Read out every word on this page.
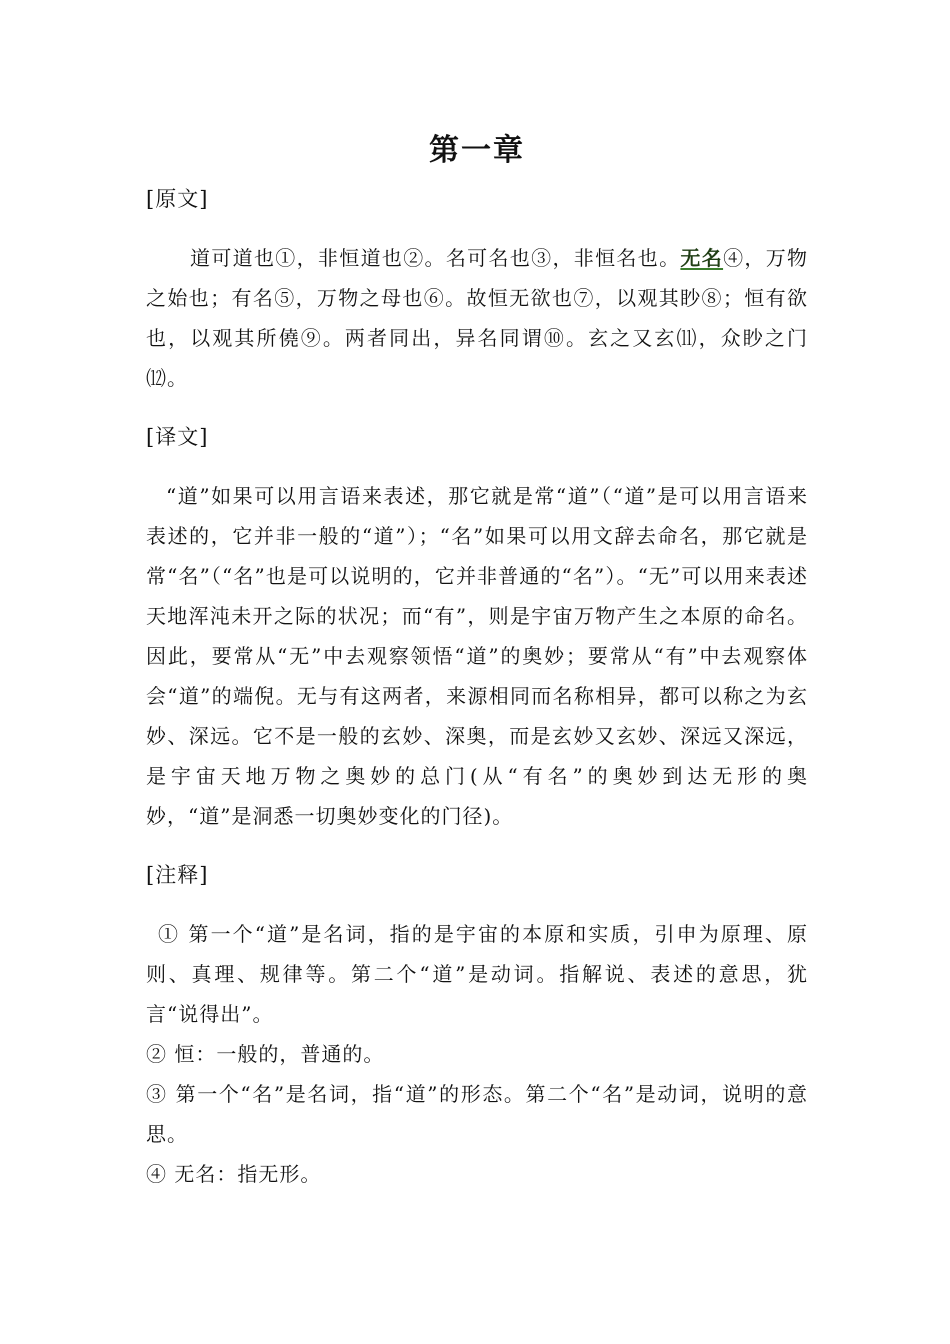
第一章
[原文]

道可道也①，非恒道也②。名可名也③，非恒名也。无名④，万物之始也；有名⑤，万物之母也⑥。故恒无欲也⑦，以观其眇⑧；恒有欲也，以观其所僥⑨。两者同出，异名同谓⑩。玄之又玄⑾，众眇之门⑿。

[译文]

“道”如果可以用言语来表述，那它就是常“道”（“道”是可以用言语来表述的，它并非一般的“道”）；“名”如果可以用文辞去命名，那它就是常“名”（“名”也是可以说明的，它并非普通的“名”）。“无”可以用来表述天地浑沌未开之际的状况；而“有”，则是宇宙万物产生之本原的命名。因此，要常从“无”中去观察领悟“道”的奥妙；要常从“有”中去观察体会“道”的端倪。无与有这两者，来源相同而名称相异，都可以称之为玄妙、深远。它不是一般的玄妙、深奥，而是玄妙又玄妙、深远又深远，是宇宙天地万物之奥妙的总门(从“有名”的奥妙到达无形的奥妙，“道”是洞悉一切奥妙变化的门径)。

[注释]

① 第一个“道”是名词，指的是宇宙的本原和实质，引申为原理、原则、真理、规律等。第二个“道”是动词。指解说、表述的意思，犹言“说得出”。

② 恒：一般的，普通的。

③ 第一个“名”是名词，指“道”的形态。第二个“名”是动词，说明的意思。

④ 无名：指无形。
